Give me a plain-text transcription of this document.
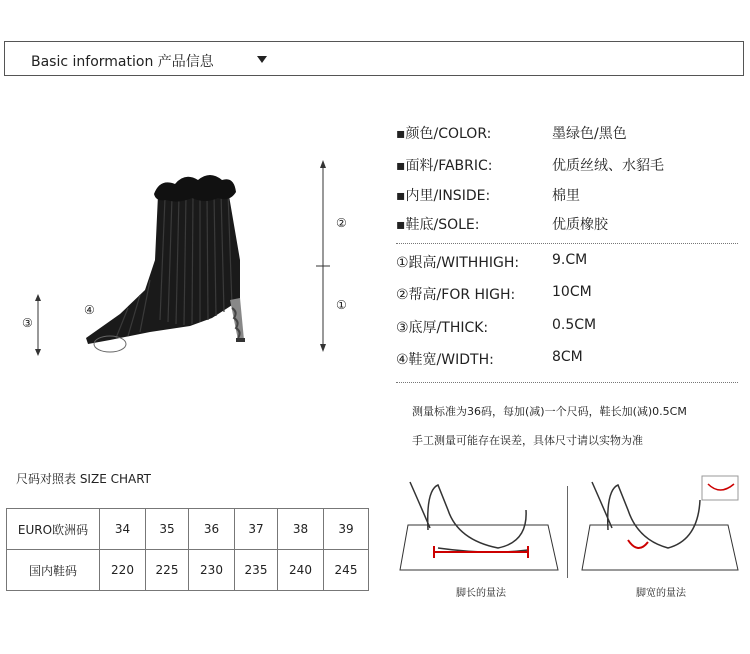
Basic information 产品信息
②
①
③
④
▪颜色/COLOR:	墨绿色/黑色
▪面料/FABRIC:	优质丝绒、水貂毛
▪内里/INSIDE:	棉里
▪鞋底/SOLE:	优质橡胶
①跟高/WITHHIGH: 9.CM
②帮高/FOR HIGH:	10CM
③底厚/THICK:	0.5CM
④鞋宽/WIDTH:	8CM
测量标准为36码，每加(减)一个尺码，鞋长加(减)0.5CM
手工测量可能存在误差，具体尺寸请以实物为准
尺码对照表 SIZE CHART
EURO欧洲码	34	35	36	37	38	39
国内鞋码	220	225	230	235	240	245
脚长的量法	脚宽的量法
